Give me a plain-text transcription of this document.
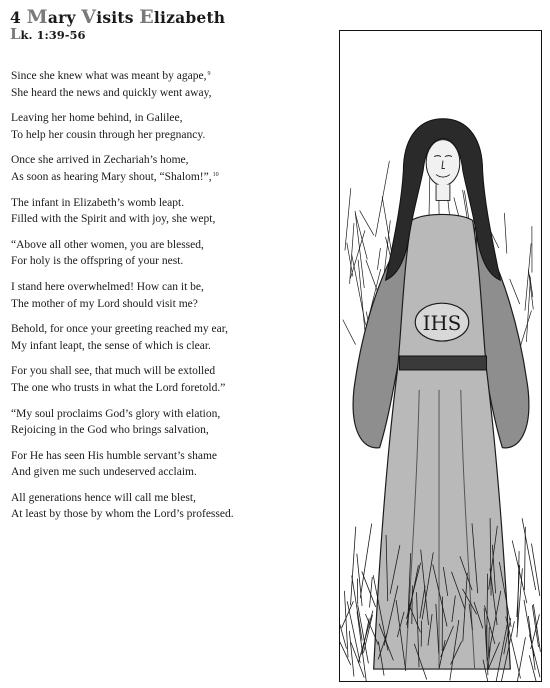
4 Mary Visits Elizabeth
Lk. 1:39-56
Since she knew what was meant by agape,$^9$
She heard the news and quickly went away,
Leaving her home behind, in Galilee,
To help her cousin through her pregnancy.
Once she arrived in Zechariah’s home,
As soon as hearing Mary shout, “Shalom!”,$^{10}$
The infant in Elizabeth’s womb leapt.
Filled with the Spirit and with joy, she wept,
“Above all other women, you are blessed,
For holy is the offspring of your nest.
I stand here overwhelmed! How can it be,
The mother of my Lord should visit me?
Behold, for once your greeting reached my ear,
My infant leapt, the sense of which is clear.
For you shall see, that much will be extolled
The one who trusts in what the Lord foretold.”
“My soul proclaims God’s glory with elation,
Rejoicing in the God who brings salvation,
For He has seen His humble servant’s shame
And given me such undeserved acclaim.
All generations hence will call me blest,
At least by those by whom the Lord’s professed.
IHS
